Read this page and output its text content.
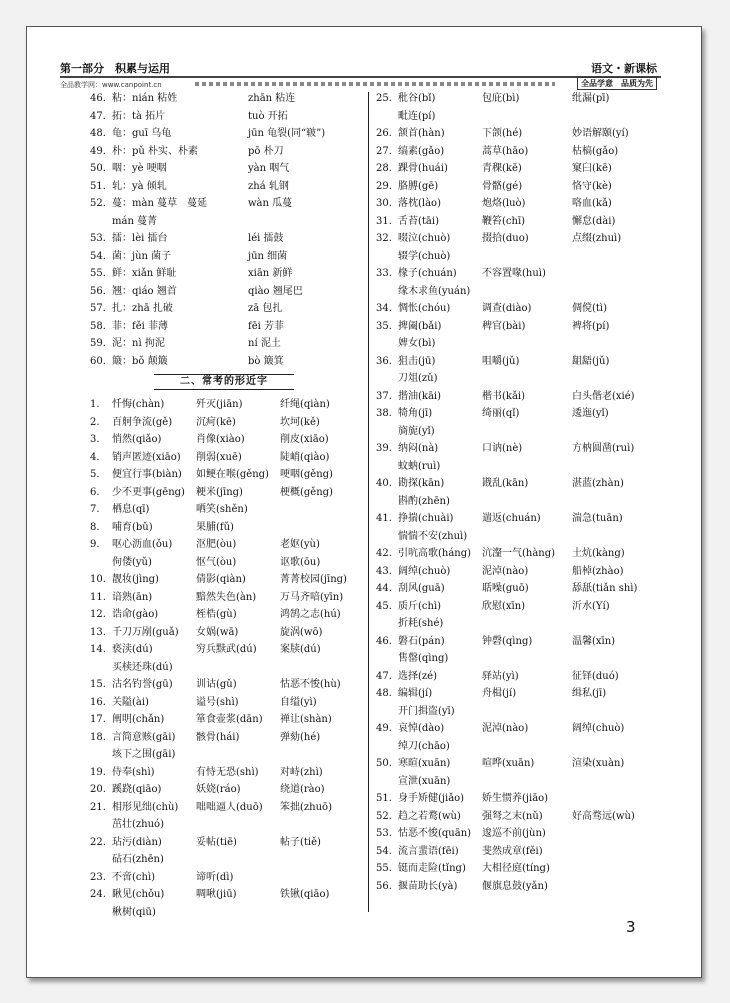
第一部分　积累与运用	语文・新课标
全品教学网：www.canpoint.cn	全品学意　品质为先
46． 粘：nián 粘姓	zhān 粘连
47． 拓：tà 拓片	tuò 开拓
48． 龟：guī 乌龟	jūn 龟裂(同“皲”)
49． 朴：pǔ 朴实、朴素	pō 朴刀
50． 咽：yè 哽咽	yàn 咽气
51． 轧：yà 倾轧	zhá 轧钢
52． 蔓：màn 蔓草　蔓延	wàn 瓜蔓
mán 蔓菁
53． 擂：lèi 擂台	léi 擂鼓
54． 菌：jùn 菌子	jūn 细菌
55． 鲜：xiǎn 鲜耻	xiān 新鲜
56． 翘：qiáo 翘首	qiào 翘尾巴
57． 扎：zhā 扎破	zā 包扎
58． 菲：fěi 菲薄	fēi 芳菲
59． 泥：nì 拘泥	ní 泥土
60． 簸：bǒ 颠簸	bò 簸箕
二、常考的形近字
1.	忏悔(chàn)	歼灭(jiān)	纤绳(qiàn)
2.	百舸争流(gě)	沉疴(kē)	坎坷(kě)
3.	悄然(qiǎo)	肖像(xiào)	削皮(xiāo)
4.	销声匿迹(xiāo)	削弱(xuē)	陡峭(qiào)
5.	便宜行事(biàn)	如鲠在喉(gěng)	哽咽(gěng)
6.	少不更事(gēng)	粳米(jīng)	梗概(gěng)
7.	栖息(qī)	哂笑(shěn)
8.	哺育(bǔ)	果脯(fǔ)
9.	呕心沥血(ǒu)	沤肥(òu)	老妪(yù)
佝偻(yǔ)	怄气(òu)	讴歌(ōu)
10. 靓妆(jìng)	倩影(qiàn)	菁菁校园(jīng)
11. 谙熟(ān)	黯然失色(àn)	万马齐喑(yīn)
12. 诰命(gào)	桎梏(gù)	鸿鹄之志(hú)
13. 千刀万剐(guǎ)	女娲(wā)	旋涡(wō)
14. 亵渎(dú)	穷兵黩武(dú)	案牍(dú)
买椟还珠(dú)
15. 沽名钓誉(gū)	训诂(gǔ)	怙恶不悛(hù)
16. 关隘(ài)	谥号(shì)	自缢(yì)
17. 阐明(chǎn)	箪食壶浆(dān)	禅让(shàn)
18. 言简意赅(gāi)	骸骨(hái)	弹劾(hé)
垓下之围(gāi)
19. 侍奉(shì)	有恃无恐(shì)	对峙(zhì)
20. 蹊跷(qiāo)	妖娆(ráo)	绕道(rào)
21. 相形见绌(chù)	咄咄逼人(duō)	笨拙(zhuō)
茁壮(zhuó)
22. 玷污(diàn)	妥帖(tiē)	帖子(tiě)
砧石(zhēn)
23. 不啻(chì)	谛听(dì)
24. 瞅见(chǒu)	啁啾(jiū)	铁锹(qiāo)
楸树(qiū)
25. 秕谷(bǐ)	包庇(bì)	纰漏(pī)
毗连(pí)
26. 颔首(hàn)	下颌(hé)	妙语解颐(yí)
27. 缟素(gǎo)	蒿草(hāo)	枯槁(gǎo)
28. 踝骨(huái)	青稞(kē)	窠臼(kē)
29. 胳膊(gē)	骨骼(gé)	恪守(kè)
30. 落枕(lào)	炮烙(luò)	咯血(kǎ)
31. 舌苔(tāi)	鞭笞(chī)	懈怠(dài)
32. 啜泣(chuò)	掇拾(duo)	点缀(zhuì)
辍学(chuò)
33. 椽子(chuán)	不容置喙(huì)
缘木求鱼(yuán)
34. 惆怅(chóu)	调查(diào)	倜傥(tì)
35. 捭阖(bǎi)	稗官(bài)	裨将(pí)
婢女(bì)
36. 狙击(jū)	咀嚼(jǔ)	龃龉(jǔ)
刀俎(zǔ)
37. 揩油(kāi)	楷书(kǎi)	白头偕老(xié)
38. 犄角(jī)	绮丽(qǐ)	逶迤(yǐ)
旖旎(yǐ)
39. 纳闷(nà)	口讷(nè)	方枘圆凿(ruì)
蚊蚋(ruì)
40. 勘探(kān)	戡乱(kān)	湛蓝(zhàn)
斟酌(zhēn)
41. 挣揣(chuài)	遄返(chuán)	湍急(tuān)
惴惴不安(zhuì)
42. 引吭高歌(háng)	沆瀣一气(hàng)	土炕(kàng)
43. 阔绰(chuò)	泥淖(nào)	船棹(zhào)
44. 刮风(guā)	聒噪(guō)	舔舐(tiǎn shì)
45. 质斤(chì)	欣慰(xīn)	沂水(Yí)
折耗(shé)
46. 磐石(pán)	钟磬(qìng)	温馨(xīn)
售罄(qìng)
47. 选择(zé)	驿站(yì)	征铎(duó)
48. 编辑(jí)	舟楫(jí)	缉私(jī)
开门揖盗(yī)
49. 哀悼(dào)	泥淖(nào)	阔绰(chuò)
绰刀(chāo)
50. 寒暄(xuān)	喧哗(xuān)	渲染(xuàn)
宣泄(xuān)
51. 身手矫健(jiǎo)	娇生惯养(jiāo)
52. 趋之若鹜(wù)	强弩之末(nǔ)	好高骛远(wù)
53. 怙恶不悛(quān)	逡巡不前(jùn)
54. 流言蜚语(fēi)	斐然成章(fěi)
55. 铤而走险(tǐng)	大相径庭(tíng)
56. 揠苗助长(yà)	偃旗息鼓(yǎn)
3
